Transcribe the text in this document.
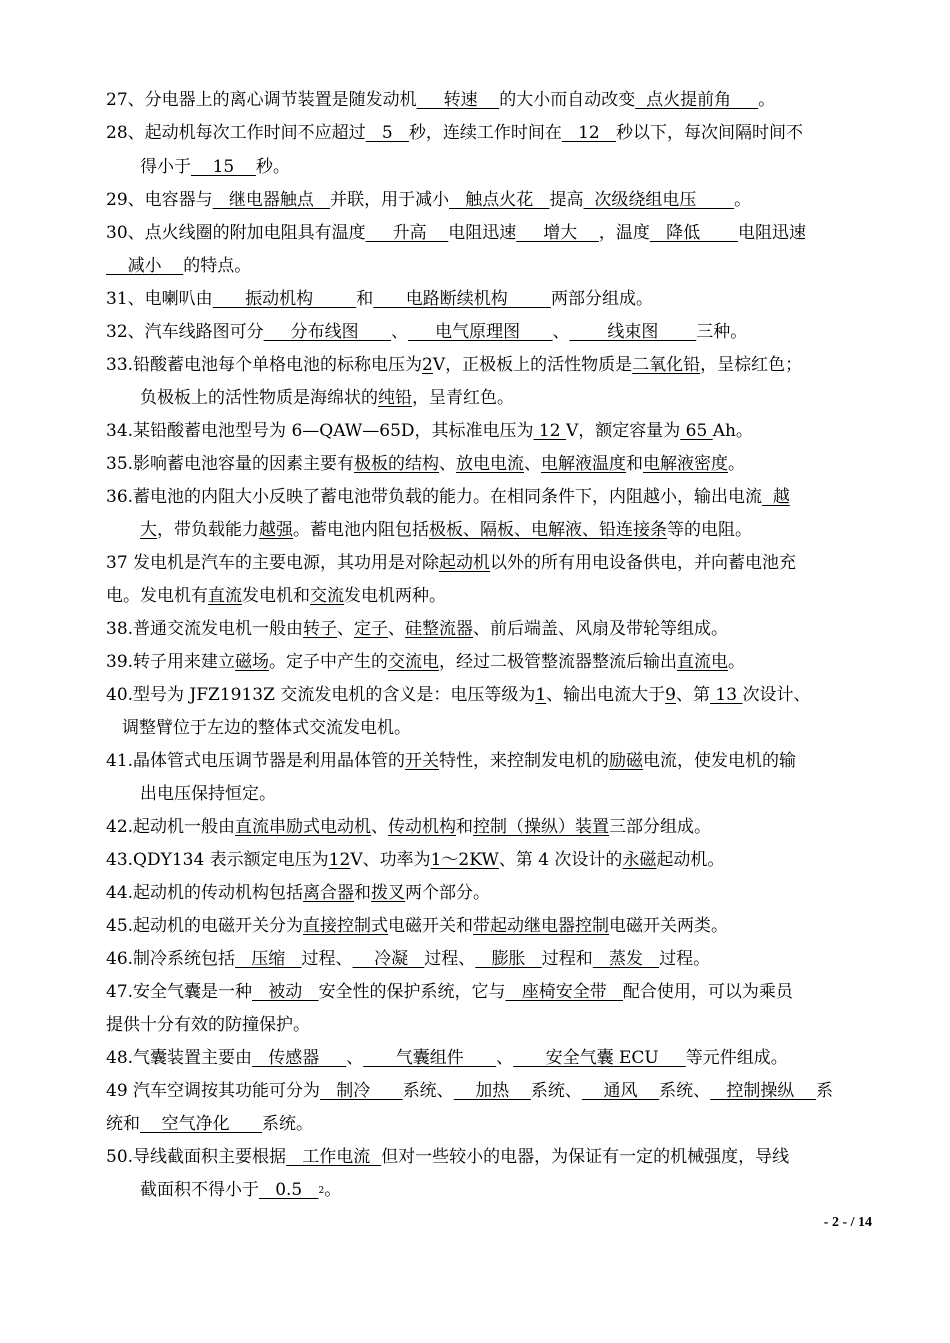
27、分电器上的离心调节装置是随发动机     转速    的大小而自动改变  点火提前角     。
28、起动机每次工作时间不应超过   5   秒，连续工作时间在   12   秒以下，每次间隔时间不
得小于    15    秒。
29、电容器与   继电器触点   并联，用于减小   触点火花   提高  次级绕组电压       。
30、点火线圈的附加电阻具有温度     升高    电阻迅速     增大    ，温度   降低       电阻迅速
减小    的特点。
31、电喇叭由      振动机构        和      电路断续机构        两部分组成。
32、汽车线路图可分     分布线图      、     电气原理图      、       线束图       三种。
33.铅酸蓄电池每个单格电池的标称电压为2V，正极板上的活性物质是二氧化铅，呈棕红色；
负极板上的活性物质是海绵状的纯铅，呈青红色。
34.某铅酸蓄电池型号为 6—QAW—65D，其标准电压为 12 V，额定容量为 65 Ah。
35.影响蓄电池容量的因素主要有极板的结构、放电电流、电解液温度和电解液密度。
36.蓄电池的内阻大小反映了蓄电池带负载的能力。在相同条件下，内阻越小，输出电流  越
大，带负载能力越强。蓄电池内阻包括极板、隔板、电解液、铅连接条等的电阻。
37 发电机是汽车的主要电源，其功用是对除起动机以外的所有用电设备供电，并向蓄电池充
电。发电机有直流发电机和交流发电机两种。
38.普通交流发电机一般由转子、定子、硅整流器、前后端盖、风扇及带轮等组成。
39.转子用来建立磁场。定子中产生的交流电，经过二极管整流器整流后输出直流电。
40.型号为 JFZ1913Z 交流发电机的含义是：电压等级为1、输出电流大于9、第 13 次设计、
调整臂位于左边的整体式交流发电机。
41.晶体管式电压调节器是利用晶体管的开关特性，来控制发电机的励磁电流，使发电机的输
出电压保持恒定。
42.起动机一般由直流串励式电动机、传动机构和控制（操纵）装置三部分组成。
43.QDY134 表示额定电压为12V、功率为1～2KW、第 4 次设计的永磁起动机。
44.起动机的传动机构包括离合器和拨叉两个部分。
45.起动机的电磁开关分为直接控制式电磁开关和带起动继电器控制电磁开关两类。
46.制冷系统包括   压缩   过程、    冷凝   过程、   膨胀   过程和   蒸发   过程。
47.安全气囊是一种   被动   安全性的保护系统，它与   座椅安全带   配合使用，可以为乘员
提供十分有效的防撞保护。
48.气囊装置主要由   传感器     、      气囊组件      、      安全气囊 ECU     等元件组成。
49 汽车空调按其功能可分为   制冷      系统、    加热    系统、    通风    系统、   控制操纵    系
统和    空气净化      系统。
50.导线截面积主要根据   工作电流  但对一些较小的电器，为保证有一定的机械强度，导线
截面积不得小于   0.5   $^2$。
- 2 - / 14
